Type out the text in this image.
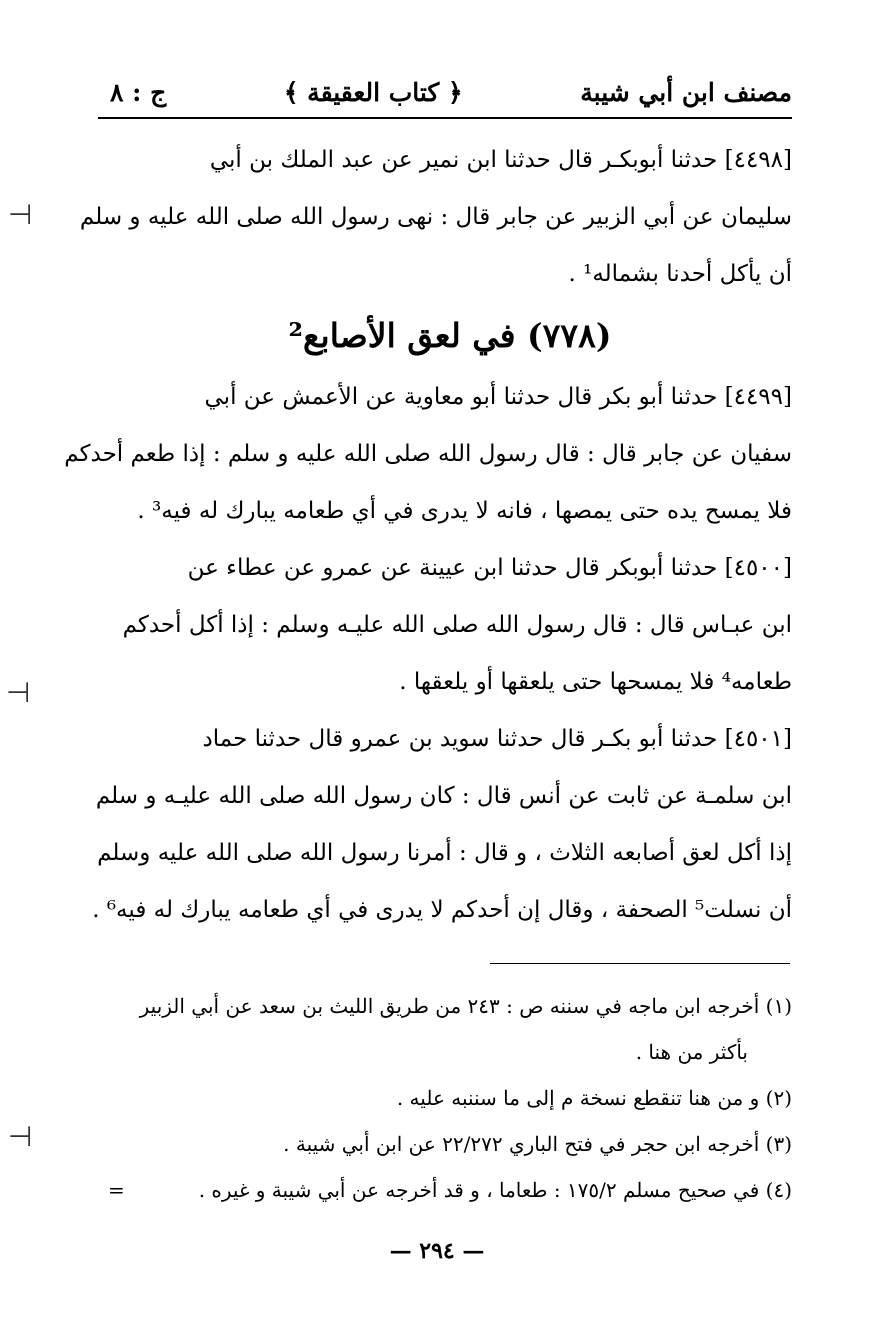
مصنف ابن أبي شيبة
﴿ كتاب العقيقة ﴾
ج : ٨
[٤٤٩٨] حدثنا أبوبكـر قال حدثنا ابن نمير عن عبد الملك بن أبي
سليمان عن أبي الزبير عن جابر قال : نهى رسول الله صلى الله عليه و سلم
أن يأكل أحدنا بشماله¹ .
(٧٧٨) في لعق الأصابع²
[٤٤٩٩] حدثنا أبو بكر قال حدثنا أبو معاوية عن الأعمش عن أبي
سفيان عن جابر قال : قال رسول الله صلى الله عليه و سلم : إذا طعم أحدكم
فلا يمسح يده حتى يمصها ، فانه لا يدرى في أي طعامه يبارك له فيه³ .
[٤٥٠٠] حدثنا أبوبكر قال حدثنا ابن عيينة عن عمرو عن عطاء عن
ابن عبـاس قال : قال رسول الله صلى الله عليـه وسلم : إذا أكل أحدكم
طعامه⁴ فلا يمسحها حتى يلعقها أو يلعقها .
[٤٥٠١] حدثنا أبو بكـر قال حدثنا سويد بن عمرو قال حدثنا حماد
ابن سلمـة عن ثابت عن أنس قال : كان رسول الله صلى الله عليـه و سلم
إذا أكل لعق أصابعه الثلاث ، و قال : أمرنا رسول الله صلى الله عليه وسلم
أن نسلت⁵ الصحفة ، وقال إن أحدكم لا يدرى في أي طعامه يبارك له فيه⁶ .
(١) أخرجه ابن ماجه في سننه ص : ٢٤٣ من طريق الليث بن سعد عن أبي الزبير
بأكثر من هنا .
(٢) و من هنا تنقطع نسخة م إلى ما سننبه عليه .
(٣) أخرجه ابن حجر في فتح الباري ٢٢/٢٧٢ عن ابن أبي شيبة .
(٤) في صحيح مسلم ١٧٥/٢ : طعاما ، و قد أخرجه عن أبي شيبة و غيره .
=
— ٢٩٤ —
⊣
⊣
⊣
